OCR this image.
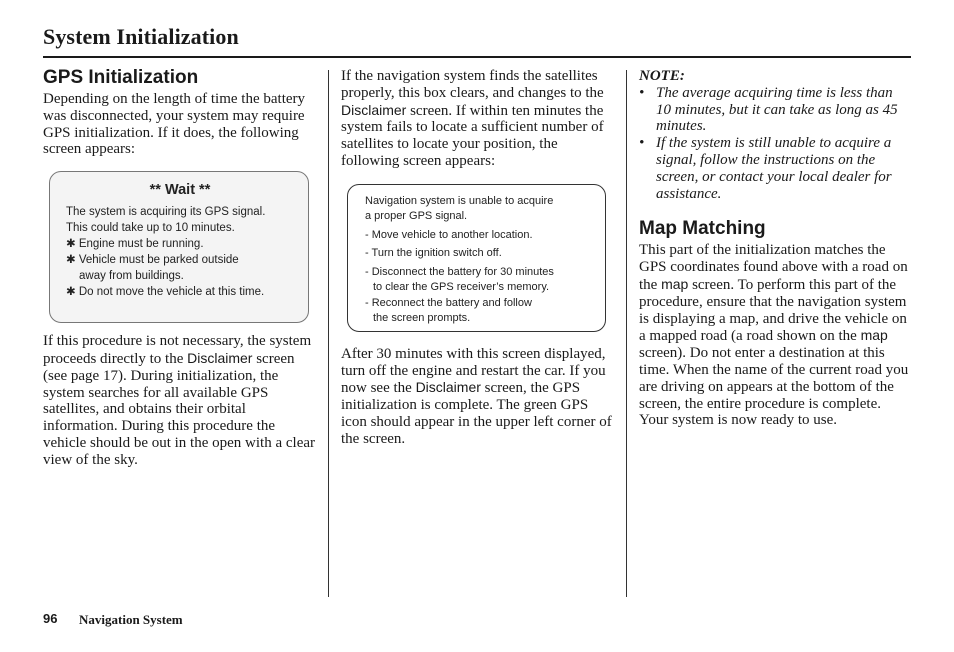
System Initialization
GPS Initialization

Depending on the length of time the battery was disconnected, your system may require GPS initialization. If it does, the following screen appears:

** Wait **
The system is acquiring its GPS signal.
This could take up to 10 minutes.
✱ Engine must be running.
✱ Vehicle must be parked outside
away from buildings.
✱ Do not move the vehicle at this time.

If this procedure is not necessary, the system proceeds directly to the Disclaimer screen (see page 17). During initialization, the system searches for all available GPS satellites, and obtains their orbital information. During this procedure the vehicle should be out in the open with a clear view of the sky.

If the navigation system finds the satellites properly, this box clears, and changes to the Disclaimer screen. If within ten minutes the system fails to locate a sufficient number of satellites to locate your position, the following screen appears:

Navigation system is unable to acquire
a proper GPS signal.
- Move vehicle to another location.
- Turn the ignition switch off.
- Disconnect the battery for 30 minutes
to clear the GPS receiver’s memory.
- Reconnect the battery and follow
the screen prompts.

After 30 minutes with this screen displayed, turn off the engine and restart the car. If you now see the Disclaimer screen, the GPS initialization is complete. The green GPS icon should appear in the upper left corner of the screen.

NOTE:
• The average acquiring time is less than 10 minutes, but it can take as long as 45 minutes.
• If the system is still unable to acquire a signal, follow the instructions on the screen, or contact your local dealer for assistance.
Map Matching

This part of the initialization matches the GPS coordinates found above with a road on the map screen. To perform this part of the procedure, ensure that the navigation system is displaying a map, and drive the vehicle on a mapped road (a road shown on the map screen). Do not enter a destination at this time. When the name of the current road you are driving on appears at the bottom of the screen, the entire procedure is complete. Your system is now ready to use.

96 Navigation System
